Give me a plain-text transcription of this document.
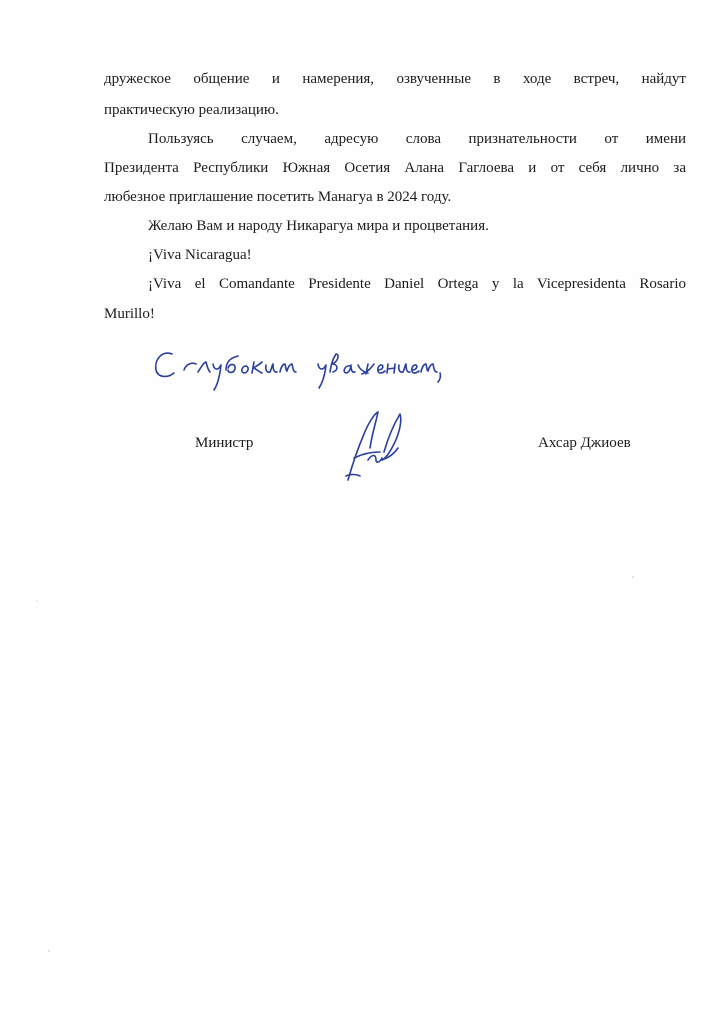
дружеское общение и намерения, озвученные в ходе встреч, найдут
практическую реализацию.
Пользуясь случаем, адресую слова признательности от имени
Президента Республики Южная Осетия Алана Гаглоева и от себя лично за
любезное приглашение посетить Манагуа в 2024 году.
Желаю Вам и народу Никарагуа мира и процветания.
¡Viva Nicaragua!
¡Viva el Comandante Presidente Daniel Ortega y la Vicepresidenta Rosario
Murillo!
Министр	Ахсар Джиоев
